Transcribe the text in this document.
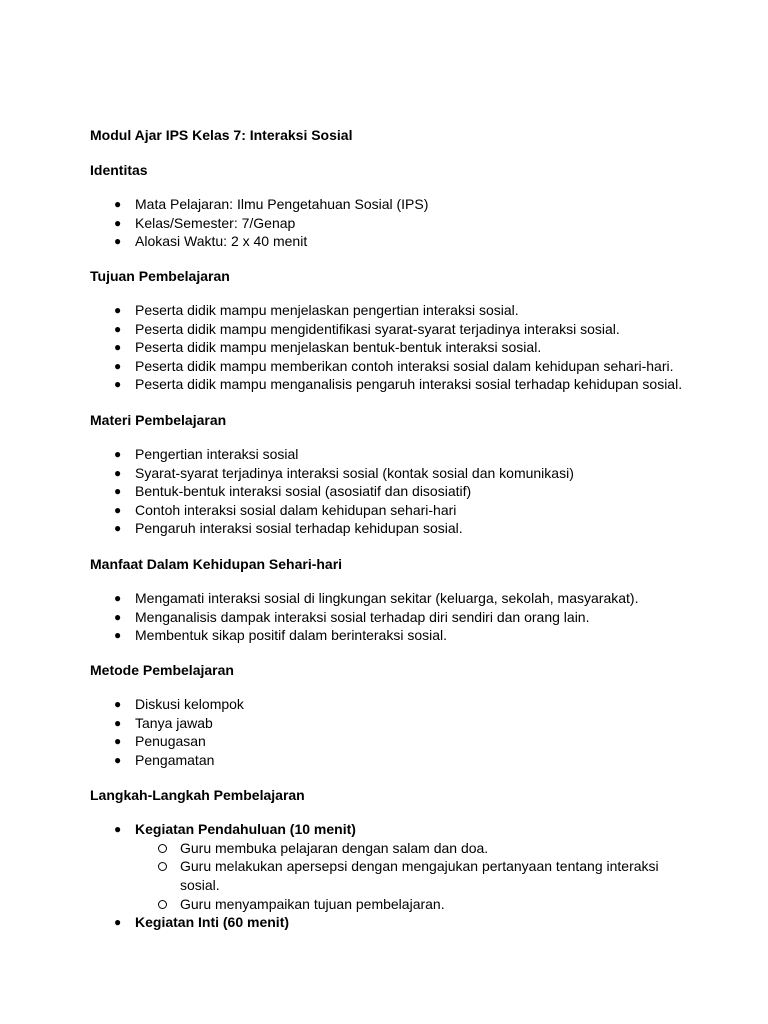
Modul Ajar IPS Kelas 7: Interaksi Sosial
Identitas
● Mata Pelajaran: Ilmu Pengetahuan Sosial (IPS)
● Kelas/Semester: 7/Genap
● Alokasi Waktu: 2 x 40 menit
Tujuan Pembelajaran
● Peserta didik mampu menjelaskan pengertian interaksi sosial.
● Peserta didik mampu mengidentifikasi syarat-syarat terjadinya interaksi sosial.
● Peserta didik mampu menjelaskan bentuk-bentuk interaksi sosial.
● Peserta didik mampu memberikan contoh interaksi sosial dalam kehidupan sehari-hari.
● Peserta didik mampu menganalisis pengaruh interaksi sosial terhadap kehidupan sosial.
Materi Pembelajaran
● Pengertian interaksi sosial
● Syarat-syarat terjadinya interaksi sosial (kontak sosial dan komunikasi)
● Bentuk-bentuk interaksi sosial (asosiatif dan disosiatif)
● Contoh interaksi sosial dalam kehidupan sehari-hari
● Pengaruh interaksi sosial terhadap kehidupan sosial.
Manfaat Dalam Kehidupan Sehari-hari
● Mengamati interaksi sosial di lingkungan sekitar (keluarga, sekolah, masyarakat).
● Menganalisis dampak interaksi sosial terhadap diri sendiri dan orang lain.
● Membentuk sikap positif dalam berinteraksi sosial.
Metode Pembelajaran
● Diskusi kelompok
● Tanya jawab
● Penugasan
● Pengamatan
Langkah-Langkah Pembelajaran
● Kegiatan Pendahuluan (10 menit)
Guru membuka pelajaran dengan salam dan doa.
Guru melakukan apersepsi dengan mengajukan pertanyaan tentang interaksi sosial.
Guru menyampaikan tujuan pembelajaran.
● Kegiatan Inti (60 menit)
